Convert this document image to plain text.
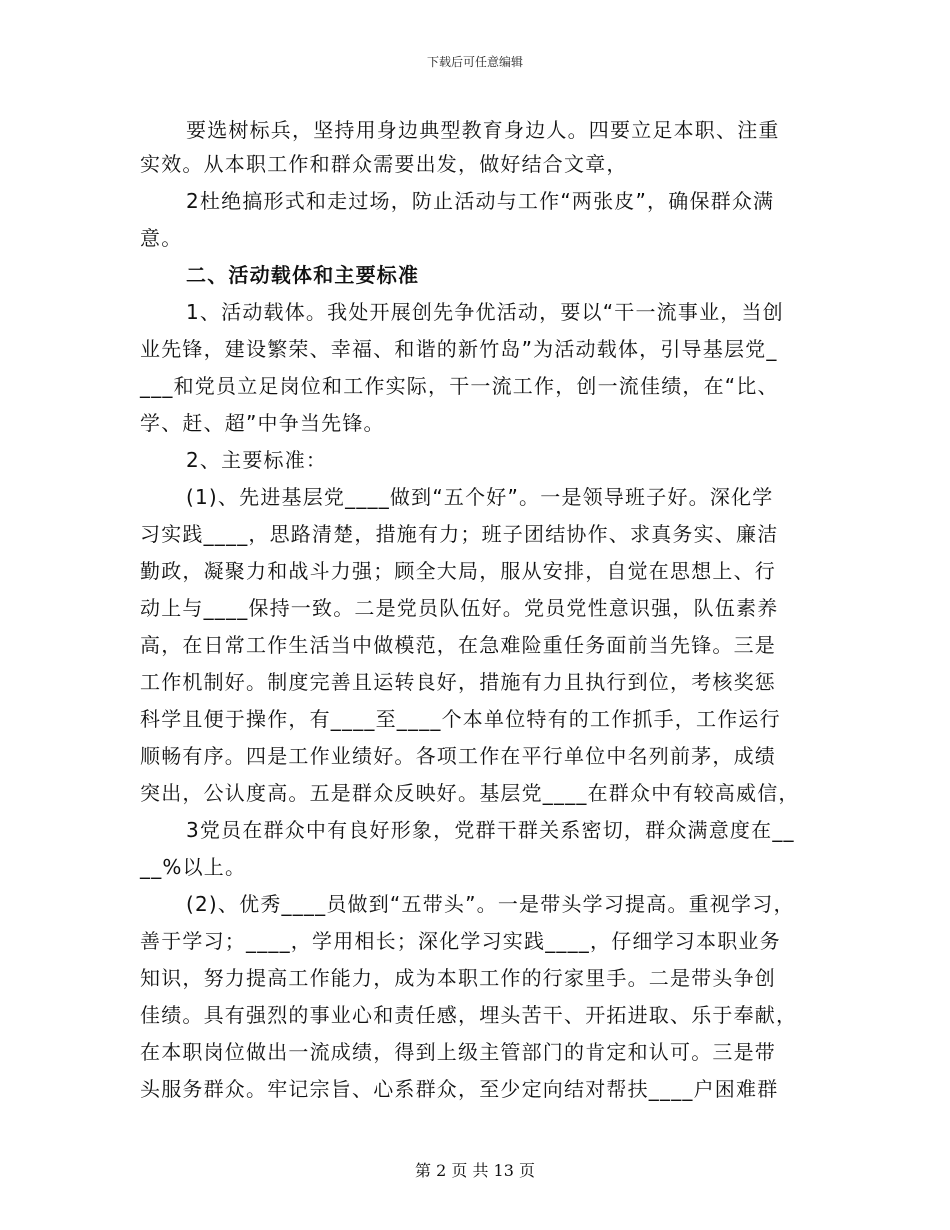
下载后可任意编辑
要选树标兵，坚持用身边典型教育身边人。四要立足本职、注重
实效。从本职工作和群众需要出发，做好结合文章，
2杜绝搞形式和走过场，防止活动与工作“两张皮”，确保群众满
意。
二、活动载体和主要标准
1、活动载体。我处开展创先争优活动，要以“干一流事业，当创
业先锋，建设繁荣、幸福、和谐的新竹岛”为活动载体，引导基层党_
___和党员立足岗位和工作实际，干一流工作，创一流佳绩，在“比、
学、赶、超”中争当先锋。
2、主要标准：
(1)、先进基层党____做到“五个好”。一是领导班子好。深化学
习实践____，思路清楚，措施有力；班子团结协作、求真务实、廉洁
勤政，凝聚力和战斗力强；顾全大局，服从安排，自觉在思想上、行
动上与____保持一致。二是党员队伍好。党员党性意识强，队伍素养
高，在日常工作生活当中做模范，在急难险重任务面前当先锋。三是
工作机制好。制度完善且运转良好，措施有力且执行到位，考核奖惩
科学且便于操作，有____至____个本单位特有的工作抓手，工作运行
顺畅有序。四是工作业绩好。各项工作在平行单位中名列前茅，成绩
突出，公认度高。五是群众反映好。基层党____在群众中有较高威信，
3党员在群众中有良好形象，党群干群关系密切，群众满意度在__
__%以上。
(2)、优秀____员做到“五带头”。一是带头学习提高。重视学习，
善于学习；____，学用相长；深化学习实践____，仔细学习本职业务
知识，努力提高工作能力，成为本职工作的行家里手。二是带头争创
佳绩。具有强烈的事业心和责任感，埋头苦干、开拓进取、乐于奉献，
在本职岗位做出一流成绩，得到上级主管部门的肯定和认可。三是带
头服务群众。牢记宗旨、心系群众，至少定向结对帮扶____户困难群
第 2 页 共 13 页
